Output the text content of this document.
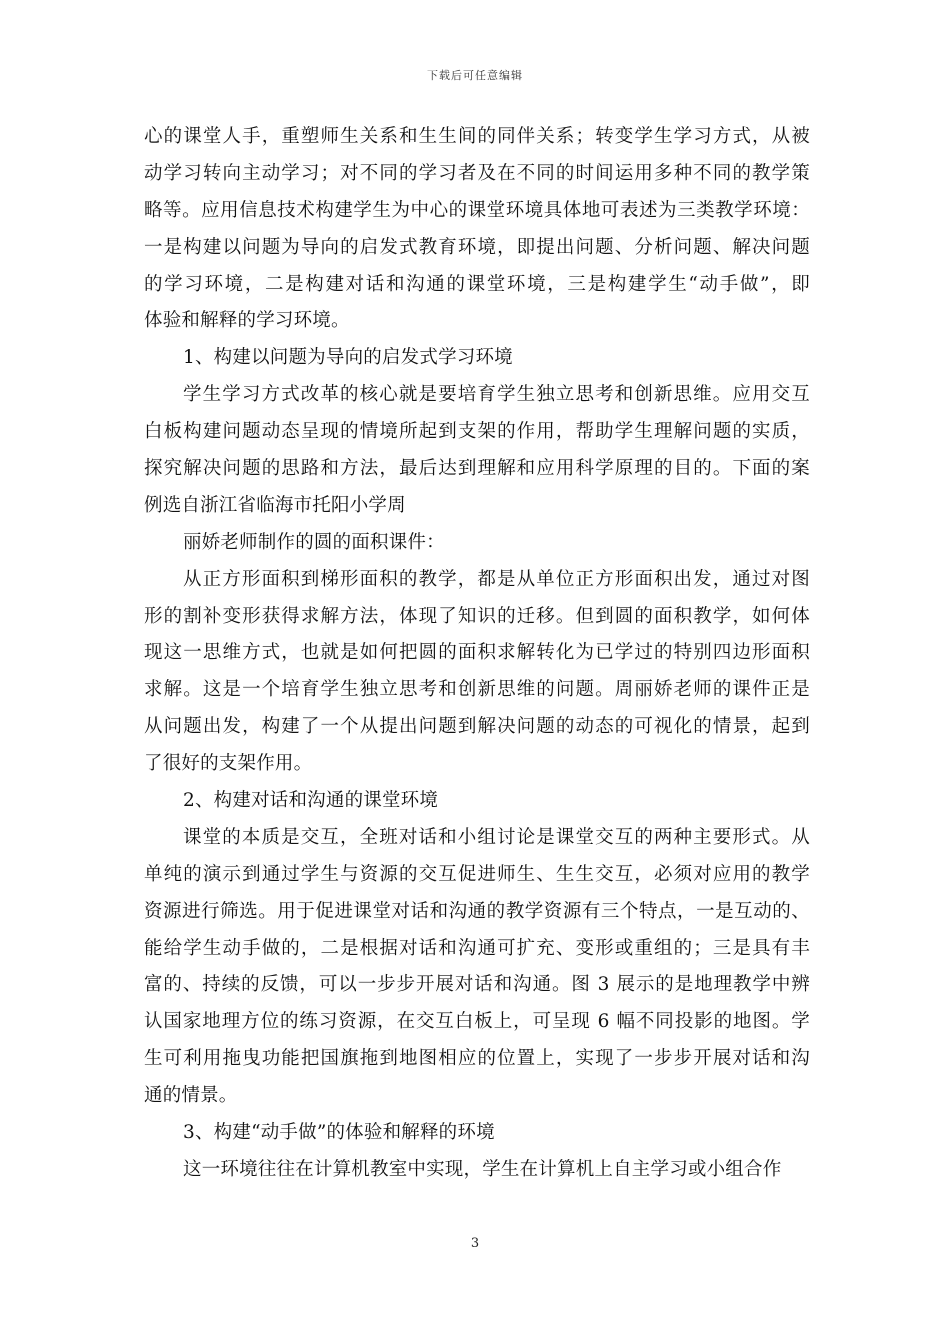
下载后可任意编辑
心的课堂人手，重塑师生关系和生生间的同伴关系；转变学生学习方式，从被
动学习转向主动学习；对不同的学习者及在不同的时间运用多种不同的教学策
略等。应用信息技术构建学生为中心的课堂环境具体地可表述为三类教学环境：
一是构建以问题为导向的启发式教育环境，即提出问题、分析问题、解决问题
的学习环境，二是构建对话和沟通的课堂环境，三是构建学生“动手做”，即
体验和解释的学习环境。
1、构建以问题为导向的启发式学习环境
学生学习方式改革的核心就是要培育学生独立思考和创新思维。应用交互
白板构建问题动态呈现的情境所起到支架的作用，帮助学生理解问题的实质，
探究解决问题的思路和方法，最后达到理解和应用科学原理的目的。下面的案
例选自浙江省临海市托阳小学周
丽娇老师制作的圆的面积课件：
从正方形面积到梯形面积的教学，都是从单位正方形面积出发，通过对图
形的割补变形获得求解方法，体现了知识的迁移。但到圆的面积教学，如何体
现这一思维方式，也就是如何把圆的面积求解转化为已学过的特别四边形面积
求解。这是一个培育学生独立思考和创新思维的问题。周丽娇老师的课件正是
从问题出发，构建了一个从提出问题到解决问题的动态的可视化的情景，起到
了很好的支架作用。
2、构建对话和沟通的课堂环境
课堂的本质是交互，全班对话和小组讨论是课堂交互的两种主要形式。从
单纯的演示到通过学生与资源的交互促进师生、生生交互，必须对应用的教学
资源进行筛选。用于促进课堂对话和沟通的教学资源有三个特点，一是互动的、
能给学生动手做的，二是根据对话和沟通可扩充、变形或重组的；三是具有丰
富的、持续的反馈，可以一步步开展对话和沟通。图 3 展示的是地理教学中辨
认国家地理方位的练习资源，在交互白板上，可呈现 6 幅不同投影的地图。学
生可利用拖曳功能把国旗拖到地图相应的位置上，实现了一步步开展对话和沟
通的情景。
3、构建“动手做”的体验和解释的环境
这一环境往往在计算机教室中实现，学生在计算机上自主学习或小组合作
3
